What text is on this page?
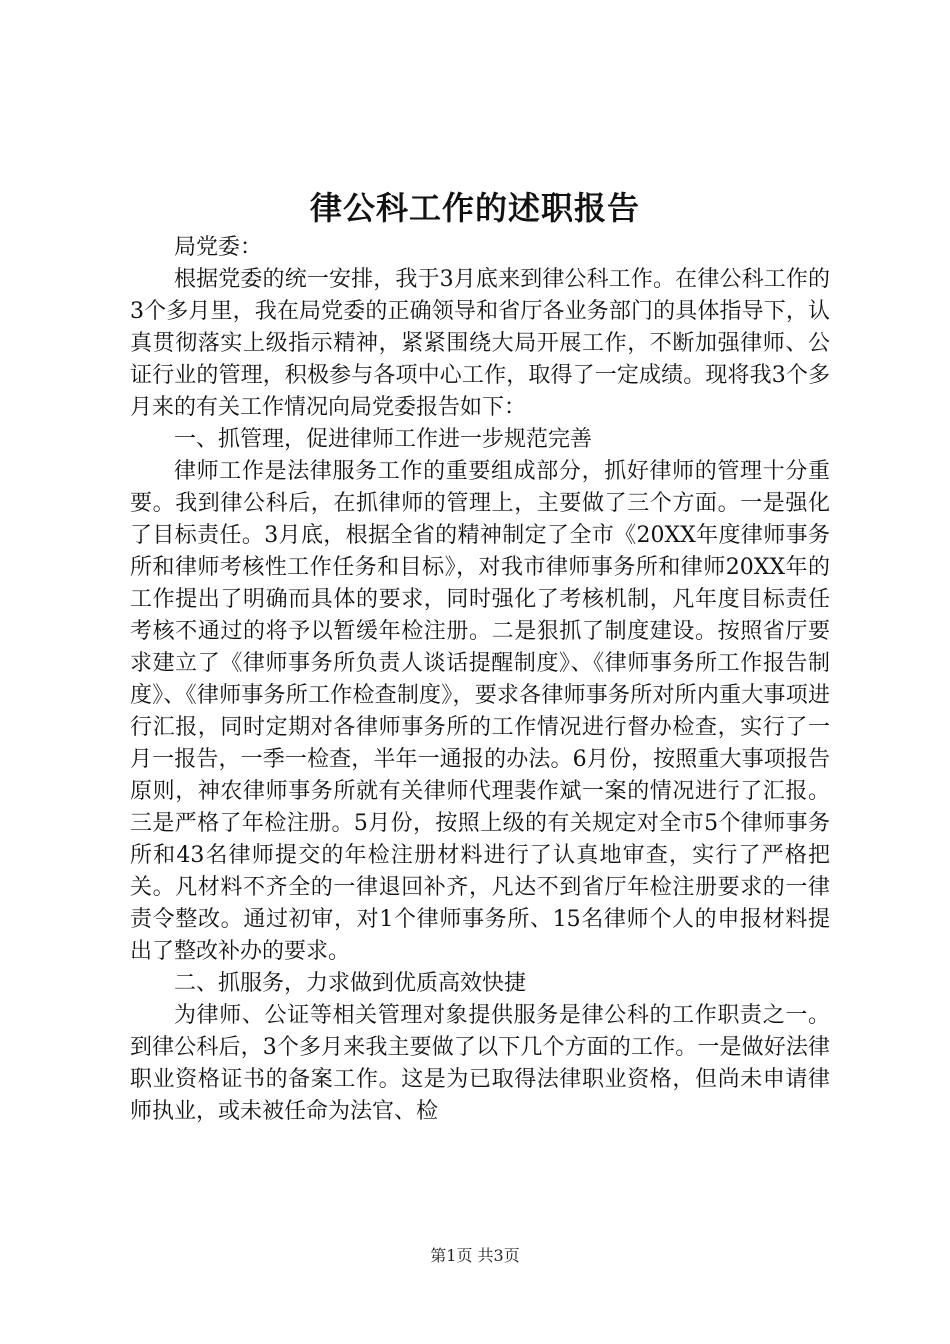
律公科工作的述职报告

局党委：

根据党委的统一安排，我于3月底来到律公科工作。在律公科工作的3个多月里，我在局党委的正确领导和省厅各业务部门的具体指导下，认真贯彻落实上级指示精神，紧紧围绕大局开展工作，不断加强律师、公证行业的管理，积极参与各项中心工作，取得了一定成绩。现将我3个多月来的有关工作情况向局党委报告如下：

一、抓管理，促进律师工作进一步规范完善

律师工作是法律服务工作的重要组成部分，抓好律师的管理十分重要。我到律公科后，在抓律师的管理上，主要做了三个方面。一是强化了目标责任。3月底，根据全省的精神制定了全市《20XX年度律师事务所和律师考核性工作任务和目标》，对我市律师事务所和律师20XX年的工作提出了明确而具体的要求，同时强化了考核机制，凡年度目标责任考核不通过的将予以暂缓年检注册。二是狠抓了制度建设。按照省厅要求建立了《律师事务所负责人谈话提醒制度》、《律师事务所工作报告制度》、《律师事务所工作检查制度》，要求各律师事务所对所内重大事项进行汇报，同时定期对各律师事务所的工作情况进行督办检查，实行了一月一报告，一季一检查，半年一通报的办法。6月份，按照重大事项报告原则，神农律师事务所就有关律师代理裴作斌一案的情况进行了汇报。三是严格了年检注册。5月份，按照上级的有关规定对全市5个律师事务所和43名律师提交的年检注册材料进行了认真地审查，实行了严格把关。凡材料不齐全的一律退回补齐，凡达不到省厅年检注册要求的一律责令整改。通过初审，对1个律师事务所、15名律师个人的申报材料提出了整改补办的要求。

二、抓服务，力求做到优质高效快捷

为律师、公证等相关管理对象提供服务是律公科的工作职责之一。到律公科后，3个多月来我主要做了以下几个方面的工作。一是做好法律职业资格证书的备案工作。这是为已取得法律职业资格，但尚未申请律师执业，或未被任命为法官、检

第1页 共3页
